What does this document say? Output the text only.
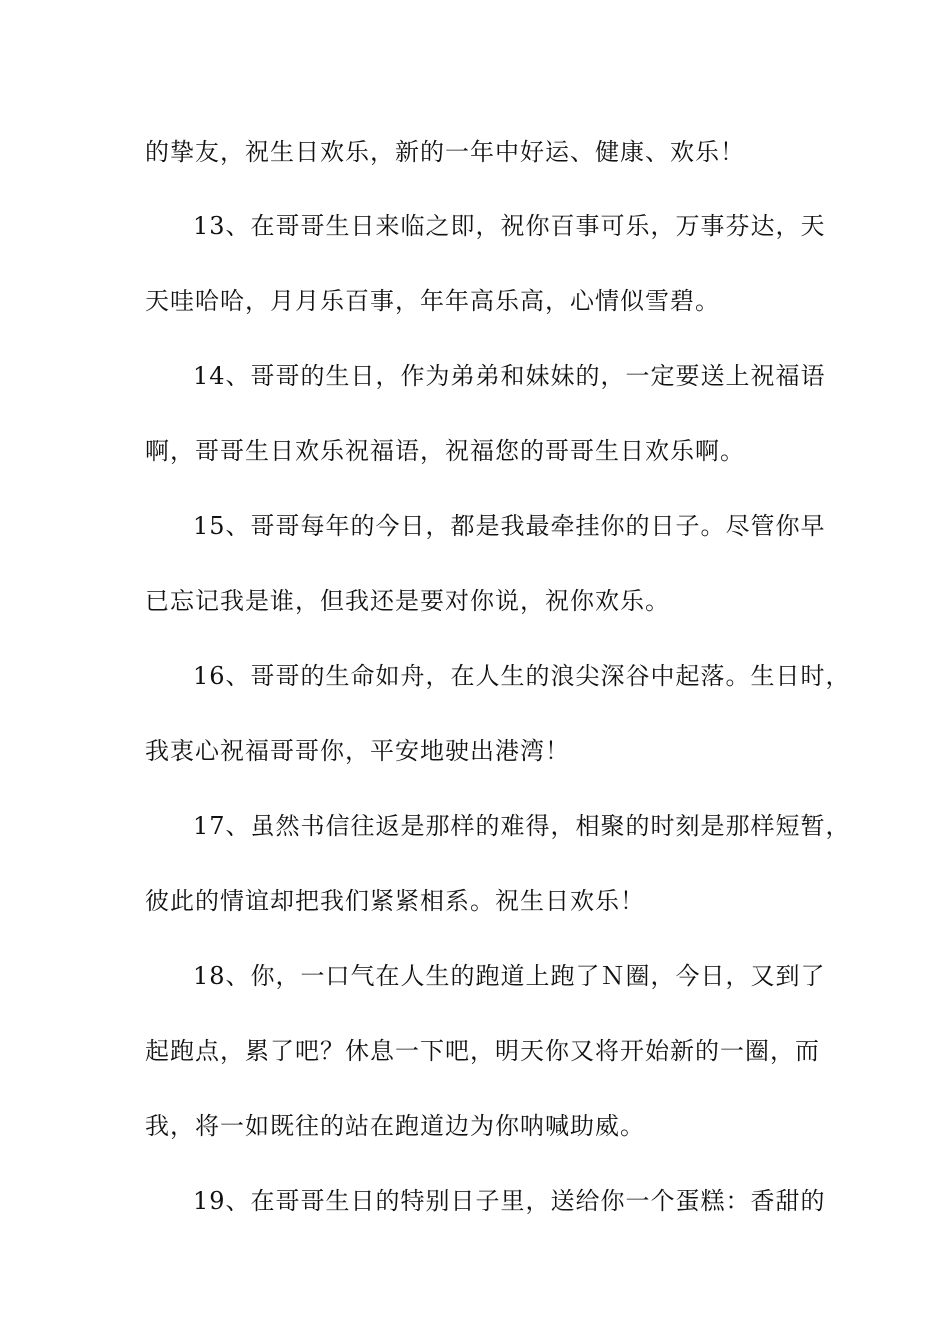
的挚友，祝生日欢乐，新的一年中好运、健康、欢乐！
13、在哥哥生日来临之即，祝你百事可乐，万事芬达，天
天哇哈哈，月月乐百事，年年高乐高，心情似雪碧。
14、哥哥的生日，作为弟弟和妹妹的，一定要送上祝福语
啊，哥哥生日欢乐祝福语，祝福您的哥哥生日欢乐啊。
15、哥哥每年的今日，都是我最牵挂你的日子。尽管你早
已忘记我是谁，但我还是要对你说，祝你欢乐。
16、哥哥的生命如舟，在人生的浪尖深谷中起落。生日时，
我衷心祝福哥哥你，平安地驶出港湾！
17、虽然书信往返是那样的难得，相聚的时刻是那样短暂，
彼此的情谊却把我们紧紧相系。祝生日欢乐！
18、你，一口气在人生的跑道上跑了Ｎ圈，今日，又到了
起跑点，累了吧？休息一下吧，明天你又将开始新的一圈，而
我，将一如既往的站在跑道边为你呐喊助威。
19、在哥哥生日的特别日子里，送给你一个蛋糕：香甜的
